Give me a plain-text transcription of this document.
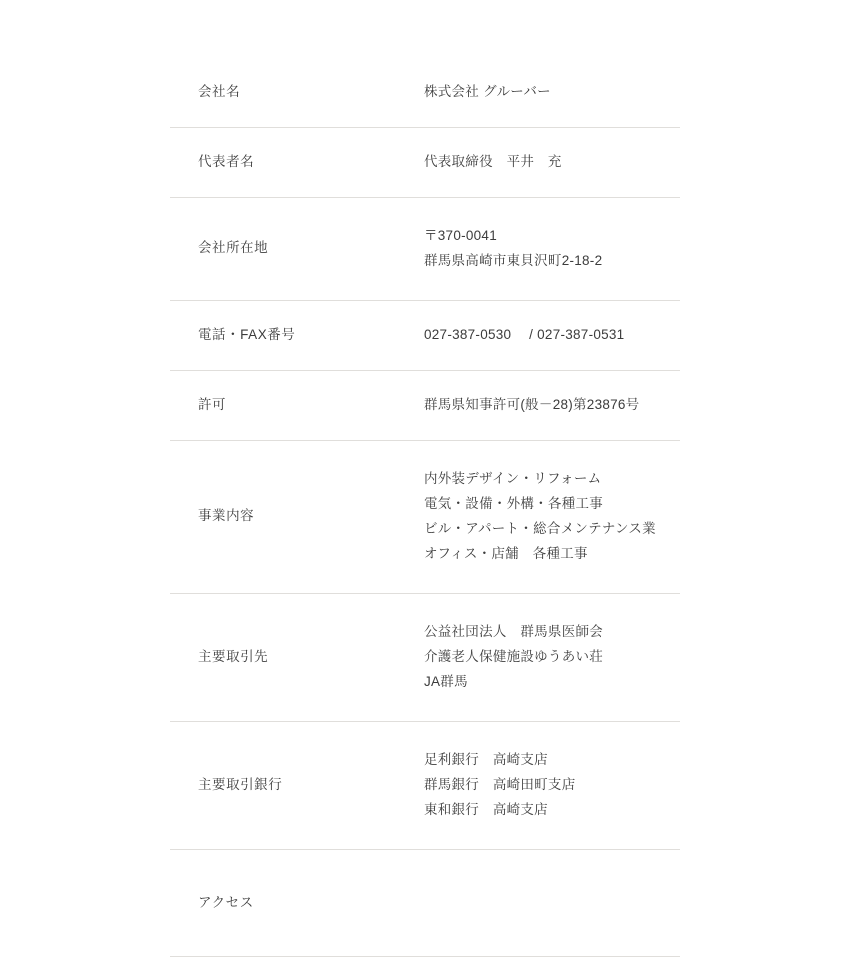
会社名	株式会社 グルーバー

代表者名	代表取締役　平井　充

会社所在地	〒370-0041
群馬県高崎市東貝沢町2-18-2

電話・FAX番号	027-387-0530　 / 027-387-0531

許可	群馬県知事許可(般－28)第23876号

事業内容	内外装デザイン・リフォーム
電気・設備・外構・各種工事
ビル・アパート・総合メンテナンス業
オフィス・店舗　各種工事

主要取引先	公益社団法人　群馬県医師会
介護老人保健施設ゆうあい荘
JA群馬

主要取引銀行	足利銀行　高崎支店
群馬銀行　高崎田町支店
東和銀行　高崎支店

アクセス	
